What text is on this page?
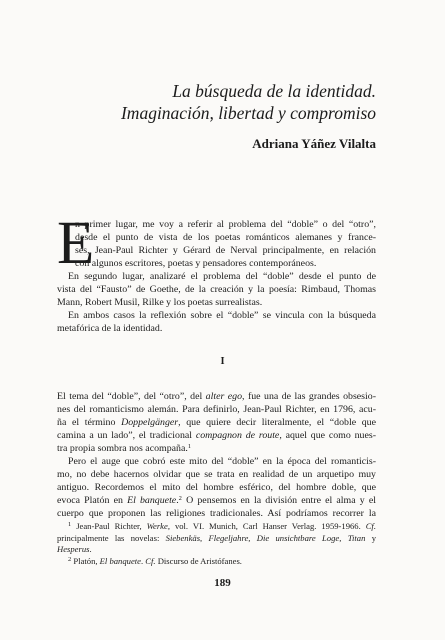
La búsqueda de la identidad.
Imaginación, libertad y compromiso
Adriana Yáñez Vilalta
E
n primer lugar, me voy a referir al problema del “doble” o del “otro”,
desde el punto de vista de los poetas románticos alemanes y france-
ses, Jean-Paul Richter y Gérard de Nerval principalmente, en relación
con algunos escritores, poetas y pensadores contemporáneos.
En segundo lugar, analizaré el problema del “doble” desde el punto de
vista del “Fausto” de Goethe, de la creación y la poesía: Rimbaud, Thomas
Mann, Robert Musil, Rilke y los poetas surrealistas.
En ambos casos la reflexión sobre el “doble” se vincula con la búsqueda
metafórica de la identidad.
I
El tema del “doble”, del “otro”, del alter ego, fue una de las grandes obsesio-
nes del romanticismo alemán. Para definirlo, Jean-Paul Richter, en 1796, acu-
ña el término Doppelgänger, que quiere decir literalmente, el “doble que
camina a un lado”, el tradicional compagnon de route, aquel que como nues-
tra propia sombra nos acompaña.$^1$
Pero el auge que cobró este mito del “doble” en la época del romanticis-
mo, no debe hacernos olvidar que se trata en realidad de un arquetipo muy
antiguo. Recordemos el mito del hombre esférico, del hombre doble, que
evoca Platón en El banquete.$^2$ O pensemos en la división entre el alma y el
cuerpo que proponen las religiones tradicionales. Así podríamos recorrer la
$^1$ Jean-Paul Richter, Werke, vol. VI. Munich, Carl Hanser Verlag. 1959-1966. Cf.
principalmente las novelas: Siebenkäs, Flegeljahre, Die unsichtbare Loge, Titan y
Hesperus.
$^2$ Platón, El banquete. Cf. Discurso de Aristófanes.
189
